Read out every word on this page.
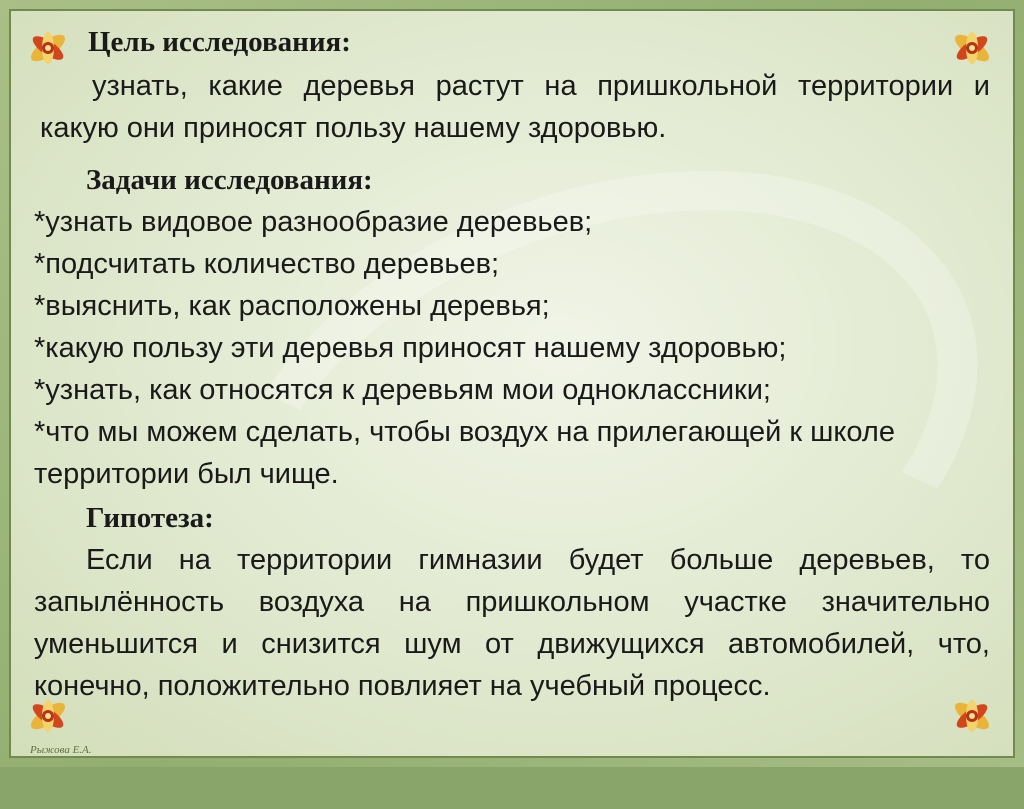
Цель исследования:
узнать, какие деревья растут на пришкольной территории и
какую они приносят пользу нашему здоровью.
Задачи исследования:
*узнать видовое разнообразие деревьев;
*подсчитать количество деревьев;
*выяснить, как расположены деревья;
*какую пользу эти деревья приносят нашему здоровью;
*узнать, как относятся к деревьям мои одноклассники;
*что мы можем сделать, чтобы воздух на прилегающей к школе
территории был чище.
Гипотеза:
Если на территории гимназии будет больше деревьев, то
запылённость воздуха на пришкольном участке значительно
уменьшится и снизится шум от движущихся автомобилей, что,
конечно, положительно повлияет на учебный процесс.
Рыжова Е.А.
